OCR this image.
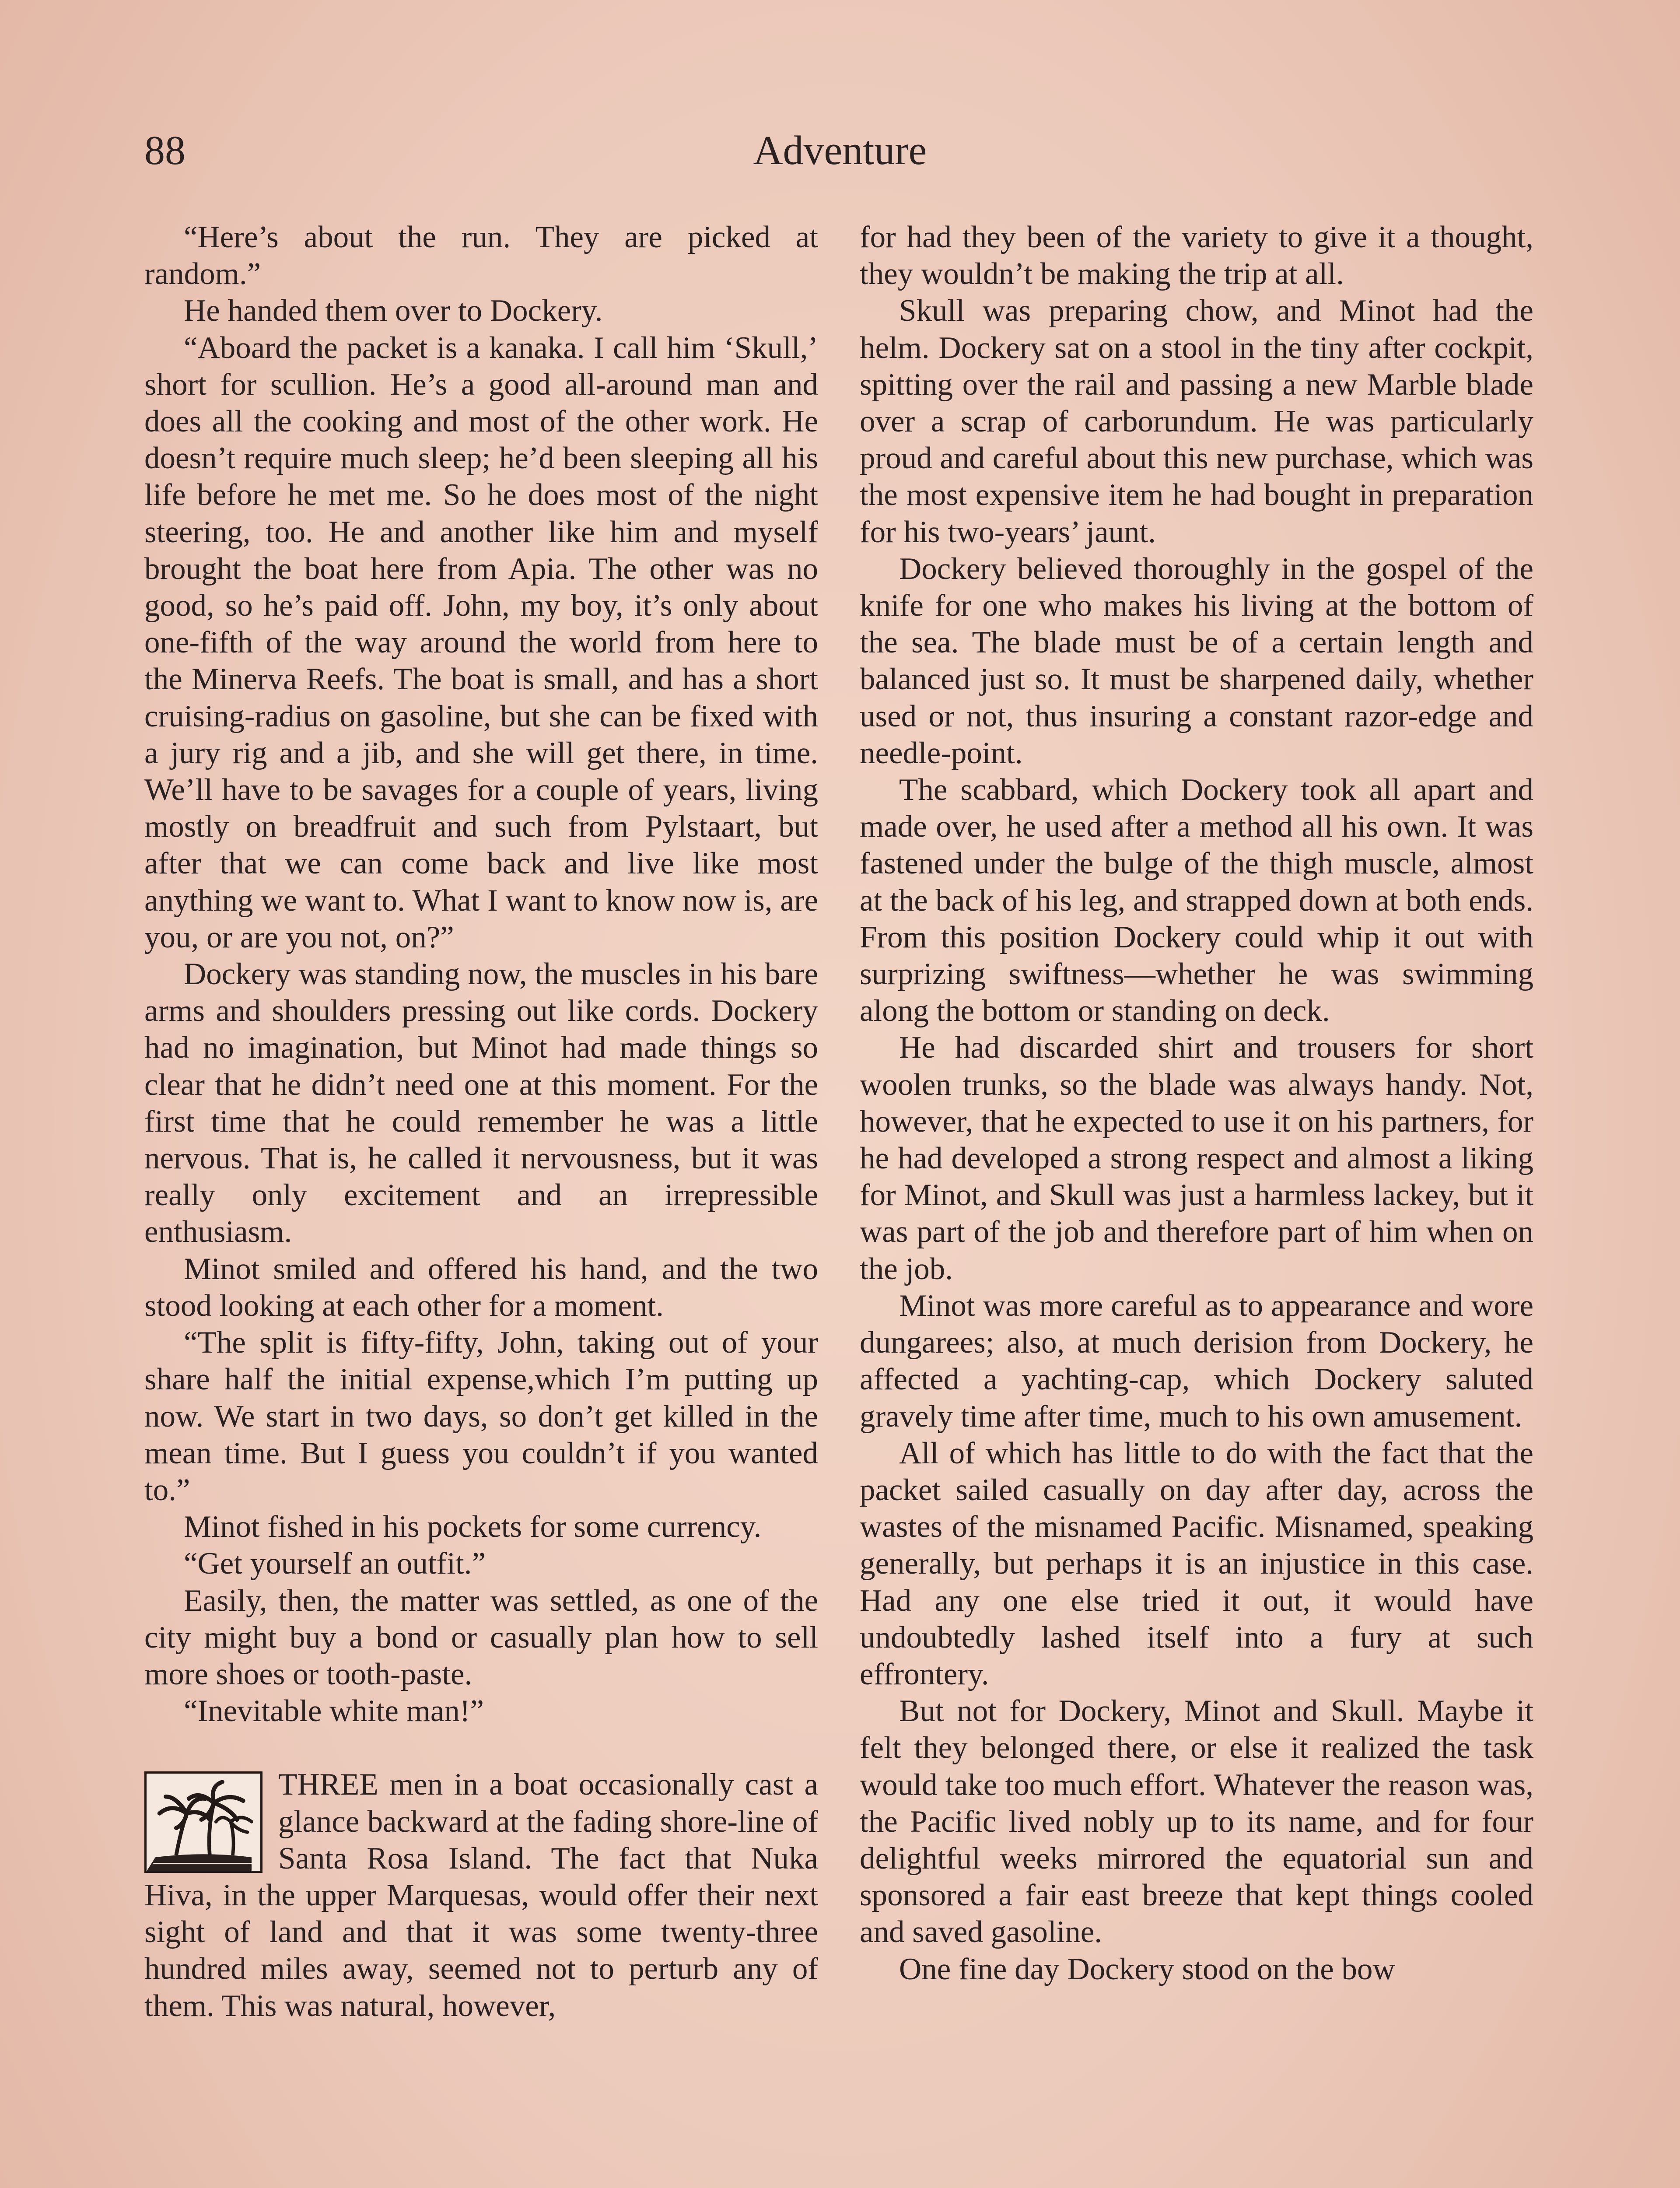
88	Adventure

“Here’s about the run. They are picked at random.”

He handed them over to Dockery.

“Aboard the packet is a kanaka. I call him ‘Skull,’ short for scullion. He’s a good all-around man and does all the cooking and most of the other work. He doesn’t require much sleep; he’d been sleeping all his life before he met me. So he does most of the night steering, too. He and another like him and myself brought the boat here from Apia. The other was no good, so he’s paid off. John, my boy, it’s only about one-fifth of the way around the world from here to the Minerva Reefs. The boat is small, and has a short cruising-radius on gasoline, but she can be fixed with a jury rig and a jib, and she will get there, in time. We’ll have to be savages for a couple of years, living mostly on breadfruit and such from Pylstaart, but after that we can come back and live like most anything we want to. What I want to know now is, are you, or are you not, on?”

Dockery was standing now, the muscles in his bare arms and shoulders pressing out like cords. Dockery had no imagination, but Minot had made things so clear that he didn’t need one at this moment. For the first time that he could remember he was a little nervous. That is, he called it nervousness, but it was really only excitement and an irrepressible enthusiasm.

Minot smiled and offered his hand, and the two stood looking at each other for a moment.

“The split is fifty-fifty, John, taking out of your share half the initial expense,which I’m putting up now. We start in two days, so don’t get killed in the mean time. But I guess you couldn’t if you wanted to.”

Minot fished in his pockets for some currency.

“Get yourself an outfit.”

Easily, then, the matter was settled, as one of the city might buy a bond or casually plan how to sell more shoes or tooth-paste.

“Inevitable white man!”

THREE men in a boat occasionally cast a glance backward at the fading shore-line of Santa Rosa Island. The fact that Nuka Hiva, in the upper Marquesas, would offer their next sight of land and that it was some twenty-three hundred miles away, seemed not to perturb any of them. This was natural, however,

for had they been of the variety to give it a thought, they wouldn’t be making the trip at all.

Skull was preparing chow, and Minot had the helm. Dockery sat on a stool in the tiny after cockpit, spitting over the rail and passing a new Marble blade over a scrap of carborundum. He was particularly proud and careful about this new purchase, which was the most expensive item he had bought in preparation for his two-years’ jaunt.

Dockery believed thoroughly in the gospel of the knife for one who makes his living at the bottom of the sea. The blade must be of a certain length and balanced just so. It must be sharpened daily, whether used or not, thus insuring a constant razor-edge and needle-point.

The scabbard, which Dockery took all apart and made over, he used after a method all his own. It was fastened under the bulge of the thigh muscle, almost at the back of his leg, and strapped down at both ends. From this position Dockery could whip it out with surprizing swiftness—whether he was swimming along the bottom or standing on deck.

He had discarded shirt and trousers for short woolen trunks, so the blade was always handy. Not, however, that he expected to use it on his partners, for he had developed a strong respect and almost a liking for Minot, and Skull was just a harmless lackey, but it was part of the job and therefore part of him when on the job.

Minot was more careful as to appearance and wore dungarees; also, at much derision from Dockery, he affected a yachting-cap, which Dockery saluted gravely time after time, much to his own amusement.

All of which has little to do with the fact that the packet sailed casually on day after day, across the wastes of the misnamed Pacific. Misnamed, speaking generally, but perhaps it is an injustice in this case. Had any one else tried it out, it would have undoubtedly lashed itself into a fury at such effrontery.

But not for Dockery, Minot and Skull. Maybe it felt they belonged there, or else it realized the task would take too much effort. Whatever the reason was, the Pacific lived nobly up to its name, and for four delightful weeks mirrored the equatorial sun and sponsored a fair east breeze that kept things cooled and saved gasoline.

One fine day Dockery stood on the bow
